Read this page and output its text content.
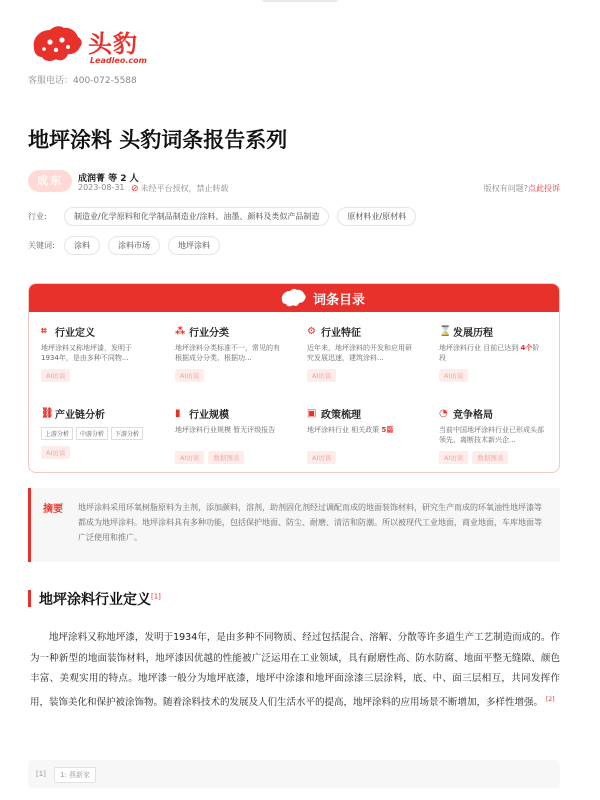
头豹
Leadleo.com
客服电话：400-072-5588
地坪涂料 头豹词条报告系列
成东	成润菁 等 2 人
2023-08-31 ⊘ 未经平台授权，禁止转载	版权有问题?点此投诉
行业:	制造业/化学原料和化学制品制造业/涂料、油墨、颜料及类似产品制造	原材料业/原材料
关键词:	涂料	涂料市场	地坪涂料
词条目录
⌗ 行业定义
地坪涂料又称地坪漆，发明于1934年，是由多种不同物...
AI访谈
⁂ 行业分类
地坪涂料分类标准不一，常见的有根据成分分类、根据功...
AI访谈
⚙ 行业特征
近年来，地坪涂料的开发和应用研究发展迅速，建筑涂料...
AI访谈
⌛ 发展历程
地坪涂料行业 目前已达到 4个阶段
AI访谈
⛓ 产业链分析
上游分析 中游分析 下游分析
AI访谈
▮ 行业规模
地坪涂料行业规模 暂无评级报告
AI访谈 数据图表
▣ 政策梳理
地坪涂料行业 相关政策 5篇
AI访谈
◔ 竞争格局
当前中国地坪涂料行业已形成头部领先、离断技术新兴企...
AI访谈 数据图表
摘要 地坪涂料采用环氧树脂原料为主剂，添加颜料，溶剂，助剂固化剂经过调配而成的地面装饰材料，研究生产而成的环氧油性地坪漆等都成为地坪涂料。地坪涂料具有多种功能，包括保护地面、防尘、耐磨、清洁和防潮。所以被现代工业地面，商业地面，车库地面等广泛使用和推广。
地坪涂料行业定义[1]

地坪涂料又称地坪漆，发明于1934年，是由多种不同物质、经过包括混合、溶解、分散等许多道生产工艺制造而成的。作为一种新型的地面装饰材料，地坪漆因优越的性能被广泛运用在工业领域，具有耐磨性高、防水防腐、地面平整无缝隙、颜色丰富、美观实用的特点。地坪漆一般分为地坪底漆，地坪中涂漆和地坪面涂漆三层涂料，底、中、面三层相互，共同发挥作用，装饰美化和保护被涂饰物。随着涂料技术的发展及人们生活水平的提高，地坪涂料的应用场景不断增加，多样性增强。 [2]

[1]	1: 燕新家
